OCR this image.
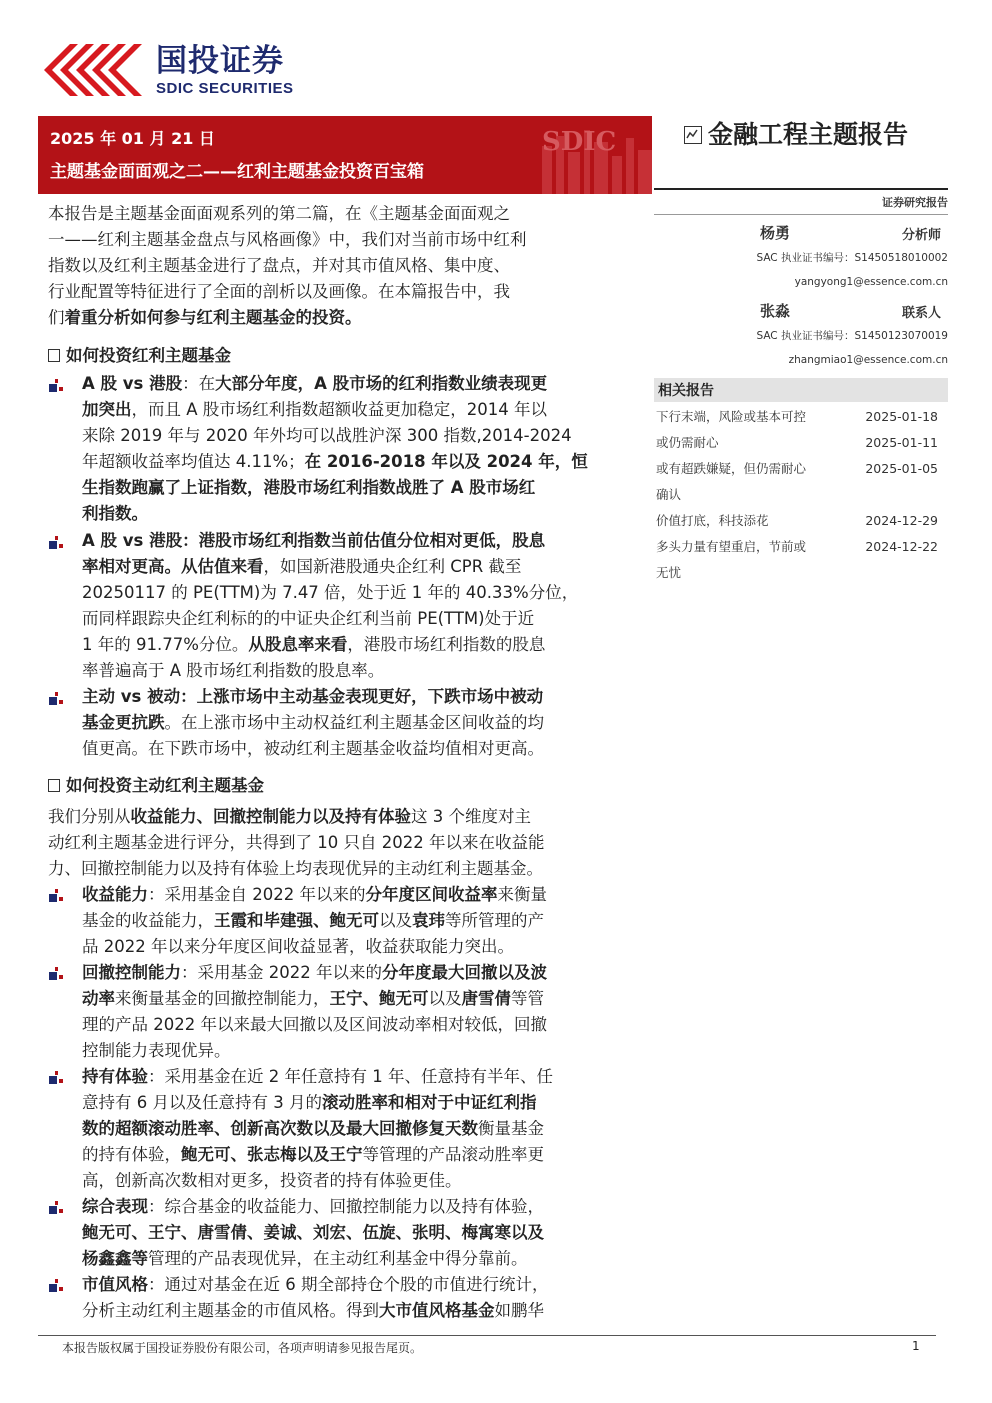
国投证券
SDIC SECURITIES
SDIC
2025 年 01 月 21 日
主题基金面面观之二——红利主题基金投资百宝箱
金融工程主题报告
证券研究报告
杨勇	分析师
SAC 执业证书编号：S1450518010002
yangyong1@essence.com.cn
张淼	联系人
SAC 执业证书编号：S1450123070019
zhangmiao1@essence.com.cn
相关报告
下行末端，风险或基本可控	2025-01-18
或仍需耐心	2025-01-11
或有超跌嫌疑，但仍需耐心	2025-01-05
确认
价值打底，科技添花	2024-12-29
多头力量有望重启，节前或	2024-12-22
无忧
本报告是主题基金面面观系列的第二篇，在《主题基金面面观之
一——红利主题基金盘点与风格画像》中，我们对当前市场中红利
指数以及红利主题基金进行了盘点，并对其市值风格、集中度、
行业配置等特征进行了全面的剖析以及画像。在本篇报告中，我
们着重分析如何参与红利主题基金的投资。
如何投资红利主题基金
A 股 vs 港股：在大部分年度，A 股市场的红利指数业绩表现更
加突出，而且 A 股市场红利指数超额收益更加稳定，2014 年以
来除 2019 年与 2020 年外均可以战胜沪深 300 指数,2014-2024
年超额收益率均值达 4.11%；在 2016-2018 年以及 2024 年，恒
生指数跑赢了上证指数，港股市场红利指数战胜了 A 股市场红
利指数。
A 股 vs 港股：港股市场红利指数当前估值分位相对更低，股息
率相对更高。从估值来看，如国新港股通央企红利 CPR 截至
20250117 的 PE(TTM)为 7.47 倍，处于近 1 年的 40.33%分位，
而同样跟踪央企红利标的的中证央企红利当前 PE(TTM)处于近
1 年的 91.77%分位。从股息率来看，港股市场红利指数的股息
率普遍高于 A 股市场红利指数的股息率。
主动 vs 被动：上涨市场中主动基金表现更好，下跌市场中被动
基金更抗跌。在上涨市场中主动权益红利主题基金区间收益的均
值更高。在下跌市场中，被动红利主题基金收益均值相对更高。
如何投资主动红利主题基金
我们分别从收益能力、回撤控制能力以及持有体验这 3 个维度对主
动红利主题基金进行评分，共得到了 10 只自 2022 年以来在收益能
力、回撤控制能力以及持有体验上均表现优异的主动红利主题基金。
收益能力：采用基金自 2022 年以来的分年度区间收益率来衡量
基金的收益能力，王霞和毕建强、鲍无可以及袁玮等所管理的产
品 2022 年以来分年度区间收益显著，收益获取能力突出。
回撤控制能力：采用基金 2022 年以来的分年度最大回撤以及波
动率来衡量基金的回撤控制能力，王宁、鲍无可以及唐雪倩等管
理的产品 2022 年以来最大回撤以及区间波动率相对较低，回撤
控制能力表现优异。
持有体验：采用基金在近 2 年任意持有 1 年、任意持有半年、任
意持有 6 月以及任意持有 3 月的滚动胜率和相对于中证红利指
数的超额滚动胜率、创新高次数以及最大回撤修复天数衡量基金
的持有体验，鲍无可、张志梅以及王宁等管理的产品滚动胜率更
高，创新高次数相对更多，投资者的持有体验更佳。
综合表现：综合基金的收益能力、回撤控制能力以及持有体验，
鲍无可、王宁、唐雪倩、姜诚、刘宏、伍旋、张明、梅寓寒以及
杨鑫鑫等管理的产品表现优异，在主动红利基金中得分靠前。
市值风格：通过对基金在近 6 期全部持仓个股的市值进行统计，
分析主动红利主题基金的市值风格。得到大市值风格基金如鹏华
本报告版权属于国投证券股份有限公司，各项声明请参见报告尾页。	1
